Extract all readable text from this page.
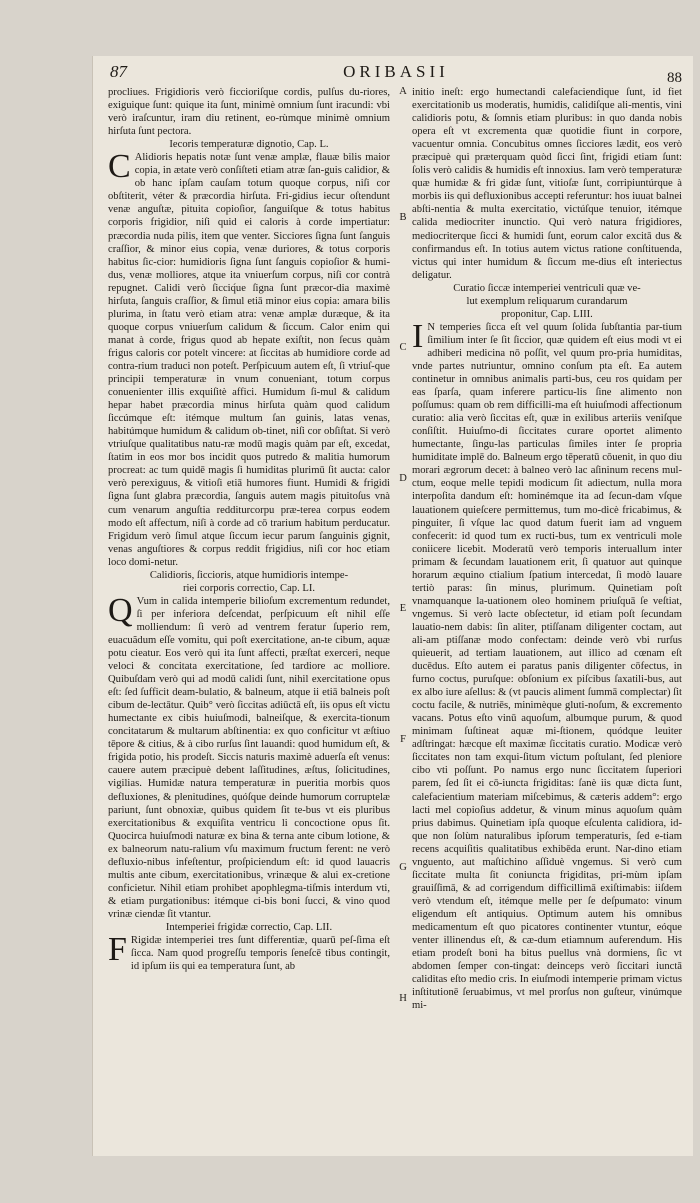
87	ORIBASII	88
A
B
C
D
E
F
G
H

procliues. Frigidioris verò ficcioriſque cordis, pulſus du-riores, exiguique ſunt: quique ita ſunt, minimè omnium ſunt iracundi: vbi verò iraſcuntur, iram diu retinent, eo-rùmque minimè omnium hirſuta ſunt pectora.

Iecoris temperaturæ dignotio, Cap. L.

C Alidioris hepatis notæ ſunt venæ amplæ, flauæ bilis maior copia, in ætate verò conſiſteti etiam atræ ſan-guis calidior, & ob hanc ipſam cauſam totum quoque corpus, niſi cor obſtiterit, véter & præcordia hirſuta. Fri-gidius iecur oſtendunt venæ anguſtæ, pituita copioſior, ſanguiſque & totus habitus corporis frigidior, niſi quid ei caloris à corde impertiatur: præcordia nuda pilis, item que venter. Sicciores ſigna ſunt ſanguis craſſior, & minor eius copia, venæ duriores, & totus corporis habitus ſic-cior: humidioris ſigna ſunt ſanguis copioſior & humi-dus, venæ molliores, atque ita vniuerſum corpus, niſi cor contrà repugnet. Calidi verò ſicciq́ue ſigna ſunt præcor-dia maximè hirſuta, ſanguis craſſior, & ſimul etiā minor eius copia: amara bilis plurima, in ſtatu verò etiam atra: venæ amplæ duræque, & ita quoque corpus vniuerſum calidum & ſiccum. Calor enim qui manat à corde, frigus quod ab hepate exiſtit, non ſecus quàm frigus caloris cor potelt vincere: at ſiccitas ab humidiore corde ad contra-rium traduci non poteſt. Perſpicuum autem eſt, ſi vtriuſ-que principii temperaturæ in vnum conueniant, totum corpus conuenienter illis exquiſitè affici. Humidum ſi-mul & calidum hepar habet præcordia minus hirſuta quàm quod calidum ſiccúmque eſt: itémque multum ſan guinis, latas venas, habitúmque humidum & calidum ob-tinet, niſi cor obſiſtat. Si verò vtriuſque qualitatibus natu-ræ modū magis quàm par eſt, excedat, ſtatim in eos mor bos incidit quos putredo & malitia humorum procreat: ac tum quidē magis ſi humiditas plurimū ſit aucta: calor verò perexiguus, & vitioſi etiā humores fiunt. Humidi & frigidi ſigna ſunt glabra præcordia, ſanguis autem magis pituitoſus vnà cum venarum anguſtia redditurcorpu præ-terea corpus eodem modo eſt affectum, niſi à corde ad cō trarium habitum perducatur. Frigidum verò ſimul atque ſiccum iecur parum ſanguinis gignit, venas anguſtiores & corpus reddit frigidius, niſi cor hoc etiam loco domi-netur.

Calidioris, ſiccioris, atque humidioris intempe-

riei corporis correctio, Cap. LI.

Q Vum in calida intemperie bilioſum excrementum redundet, ſi per inferiora deſcendat, perſpicuum eſt nihil eſſe molliendum: ſi verò ad ventrem feratur ſuperio rem, euacuãdum eſſe vomitu, qui poſt exercitatione, an-te cibum, aquæ potu cieatur. Eos verò qui ita ſunt affecti, præſtat exerceri, neque veloci & concitata exercitatione, ſed tardiore ac molliore. Quibuſdam verò qui ad modū calidi ſunt, nihil exercitatione opus eſt: ſed ſufficit deam-bulatio, & balneum, atque ii etiā balneis poſt cibum de-lectātur. Quib° verò ſiccitas adiūctā eſt, iis opus eſt victu humectante ex cibis huiuſmodi, balneiſque, & exercita-tionum concitatarum & multarum abſtinentia: ex quo conficitur vt æſtiuo tēpore & citius, & à cibo rurſus ſint lauandi: quod humidum eſt, & frigida potio, his prodeſt. Siccis naturis maximè aduerſa eſt venus: cauere autem præcipuè debent laſſitudines, æſtus, ſolicitudines, vigilias. Humidæ natura temperaturæ in pueritia morbis quos defluxiones, & plenitudines, quóſque deinde humorum corruptelæ pariunt, ſunt obnoxiæ, quibus quidem ſit te-bus vt eis pluribus exercitationibus & exquiſita ventricu li concoctione opus ſit. Quocirca huiuſmodi naturæ ex bina & terna ante cibum lotione, & ex balneorum natu-ralium vſu maximum fructum ferent: ne verò defluxio-nibus infeſtentur, proſpiciendum eſt: id quod lauacris multis ante cibum, exercitationibus, vrinæque & alui ex-cretione conficietur. Nihil etiam prohibet apophlegma-tiſmis interdum vti, & etiam purgationibus: itémque ci-bis boni ſucci, & vino quod vrinæ ciendæ ſit vtantur.

Intemperiei frigidæ correctio, Cap. LII.

F Rigidæ intemperiei tres ſunt differentiæ, quarū peſ-ſima eſt ſicca. Nam quod progreſſu temporis ſeneſcē tibus contingit, id ipſum iis qui ea temperatura ſunt, ab

initio ineſt: ergo humectandi calefaciendique ſunt, id fiet exercitationib us moderatis, humidis, calidiſque ali-mentis, vini calidioris potu, & ſomnis etiam pluribus: in quo danda nobis opera eſt vt excrementa quæ quotidie fiunt in corpore, vacuentur omnia. Concubitus omnes ſicciores lædit, eos verò præcipuè qui præterquam quòd ſicci ſint, frigidi etiam ſunt: ſolis verò calidis & humidis eſt innoxius. Iam verò temperaturæ quæ humidæ & fri gidæ ſunt, vitioſæ ſunt, corripiuntúrque à morbis iis qui defluxionibus accepti referuntur: hos iuuat balnei abſti-nentia & multa exercitatio, victúſque tenuior, itémque calida mediocriter inunctio. Qui verò natura frigidiores, mediocriterque ſicci & humidi ſunt, eorum calor excitā dus & confirmandus eſt. In totius autem victus ratione conſtituenda, victus qui inter humidum & ſiccum me-dius eſt interiectus deligatur.

Curatio ſiccæ intemperiei ventriculi quæ ve-

lut exemplum reliquarum curandarum

proponitur, Cap. LIII.

I N temperies ſicca eſt vel quum ſolida ſubſtantia par-tium ſimilium inter ſe ſit ſiccior, quæ quidem eſt eius modi vt ei adhiberi medicina nō poſſit, vel quum pro-pria humiditas, vnde partes nutriuntur, omnino conſum pta eſt. Ea autem continetur in omnibus animalis parti-bus, ceu ros quidam per eas ſparſa, quam inferere particu-lis ſine alimento non poſſumus: quam ob rem difficilli-ma eſt huiuſmodi affectionum curatio: alia verò ſiccitas eſt, quæ in exilibus arteriis veniſque conſiſtit. Huiuſmo-di ſiccitates curare oportet alimento humectante, ſingu-las particulas ſimiles inter ſe propria humiditate implē do. Balneum ergo tēperatū cōuenit, in quo diu morari ægrorum decet: à balneo verò lac aſininum recens mul-ctum, eoque melle tepidi modicum ſit adiectum, nulla mora interpoſita dandum eſt: hominémque ita ad ſecun-dam vſque lauationem quieſcere permittemus, tum mo-dicè fricabimus, & pinguiter, ſi vſque lac quod datum fuerit iam ad vnguem confecerit: id quod tum ex ructi-bus, tum ex ventriculi mole coniicere licebit. Moderatū verò temporis interuallum inter primam & ſecundam lauationem erit, ſi quatuor aut quinque horarum æquino ctialium ſpatium intercedat, ſi modò lauare tertiò paras: ſin minus, plurimum. Quinetiam poſt vnamquanque la-uationem oleo hominem priuſquā ſe veſtiat, vngemus. Si verò lacte obſectetur, id etiam poſt ſecundam lauatio-nem dabis: ſin aliter, ptiſſanam diligenter coctam, aut ali-am ptiſſanæ modo confectam: deinde verò vbi rurſus quieuerit, ad tertiam lauationem, aut illico ad cœnam eſt ducēdus. Eſto autem ei paratus panis diligenter cōfectus, in furno coctus, puruſque: obſonium ex piſcibus ſaxatili-bus, aut ex albo iure aſellus: & (vt paucis aliment ſummā complectar) ſit coctu facile, & nutriēs, minimèque gluti-noſum, & excremento vacans. Potus eſto vinū aquoſum, albumque purum, & quod minimam ſuſtineat aquæ mi-ſtionem, quódque leuiter adſtringat: hæcque eſt maximæ ſiccitatis curatio. Modicæ verò ſiccitates non tam exqui-ſitum victum poſtulant, ſed pleniore cibo vti poſſunt. Po namus ergo nunc ſiccitatem ſuperiori parem, ſed ſit ei cō-iuncta frigiditas: ſanè iis quæ dicta ſunt, calefacientium materiam miſcebimus, & cæteris addem°: ergo lacti mel copioſius addetur, & vinum minus aquoſum quàm prius dabimus. Quinetiam ipſa quoque eſculenta calidiora, id-que non ſolùm naturalibus ipſorum temperaturis, ſed e-tiam recens acquiſitis qualitatibus exhibēda erunt. Nar-dino etiam vnguento, aut maſtichino aſſiduè vngemus. Si verò cum ſiccitate multa ſit coniuncta frigiditas, pri-mùm ipſam grauiſſimā, & ad corrigendum difficillimā exiſtimabis: iiſdem verò vtendum eſt, itémque melle per ſe deſpumato: vinum eligendum eſt antiquius. Optimum autem his omnibus medicamentum eſt quo picatores continenter vtuntur, eóque venter illinendus eſt, & cæ-dum etiamnum auferendum. His etiam prodeſt boni ha bitus puellus vnà dormiens, ſic vt abdomen ſemper con-tingat: deinceps verò ſiccitari iunctā caliditas eſto medio cris. In eiuſmodi intemperie primam victus inſtitutionē ſeruabimus, vt mel prorſus non guſteur, vinúmque mi-
